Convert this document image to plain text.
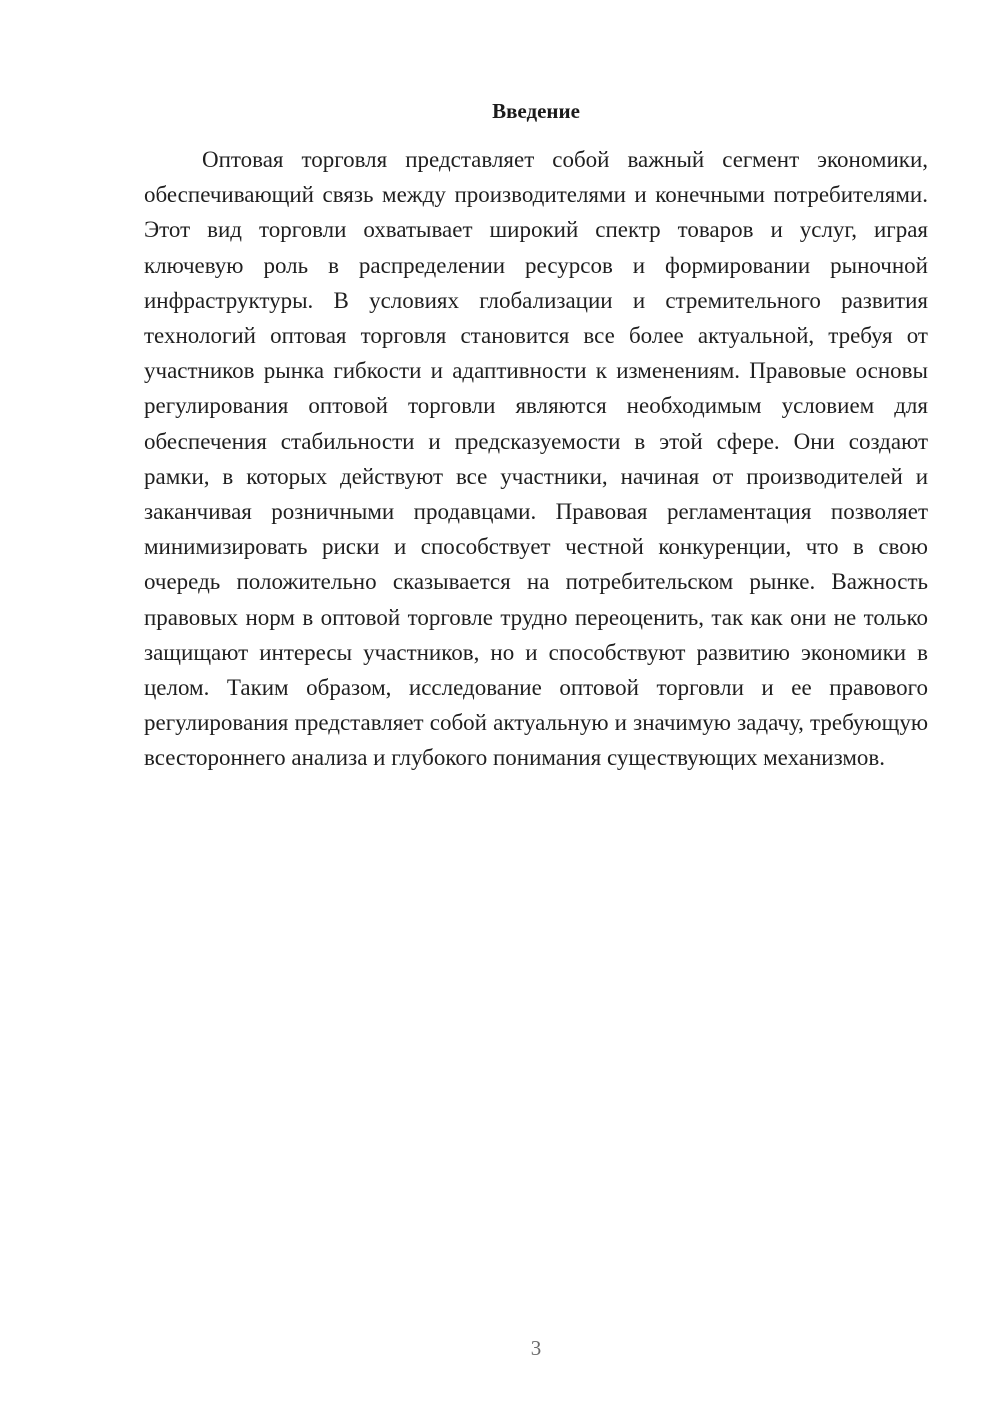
Введение

Оптовая торговля представляет собой важный сегмент экономики, обеспечивающий связь между производителями и конечными потребителями. Этот вид торговли охватывает широкий спектр товаров и услуг, играя ключевую роль в распределении ресурсов и формировании рыночной инфраструктуры. В условиях глобализации и стремительного развития технологий оптовая торговля становится все более актуальной, требуя от участников рынка гибкости и адаптивности к изменениям. Правовые основы регулирования оптовой торговли являются необходимым условием для обеспечения стабильности и предсказуемости в этой сфере. Они создают рамки, в которых действуют все участники, начиная от производителей и заканчивая розничными продавцами. Правовая регламентация позволяет минимизировать риски и способствует честной конкуренции, что в свою очередь положительно сказывается на потребительском рынке. Важность правовых норм в оптовой торговле трудно переоценить, так как они не только защищают интересы участников, но и способствуют развитию экономики в целом. Таким образом, исследование оптовой торговли и ее правового регулирования представляет собой актуальную и значимую задачу, требующую всестороннего анализа и глубокого понимания существующих механизмов.

3
